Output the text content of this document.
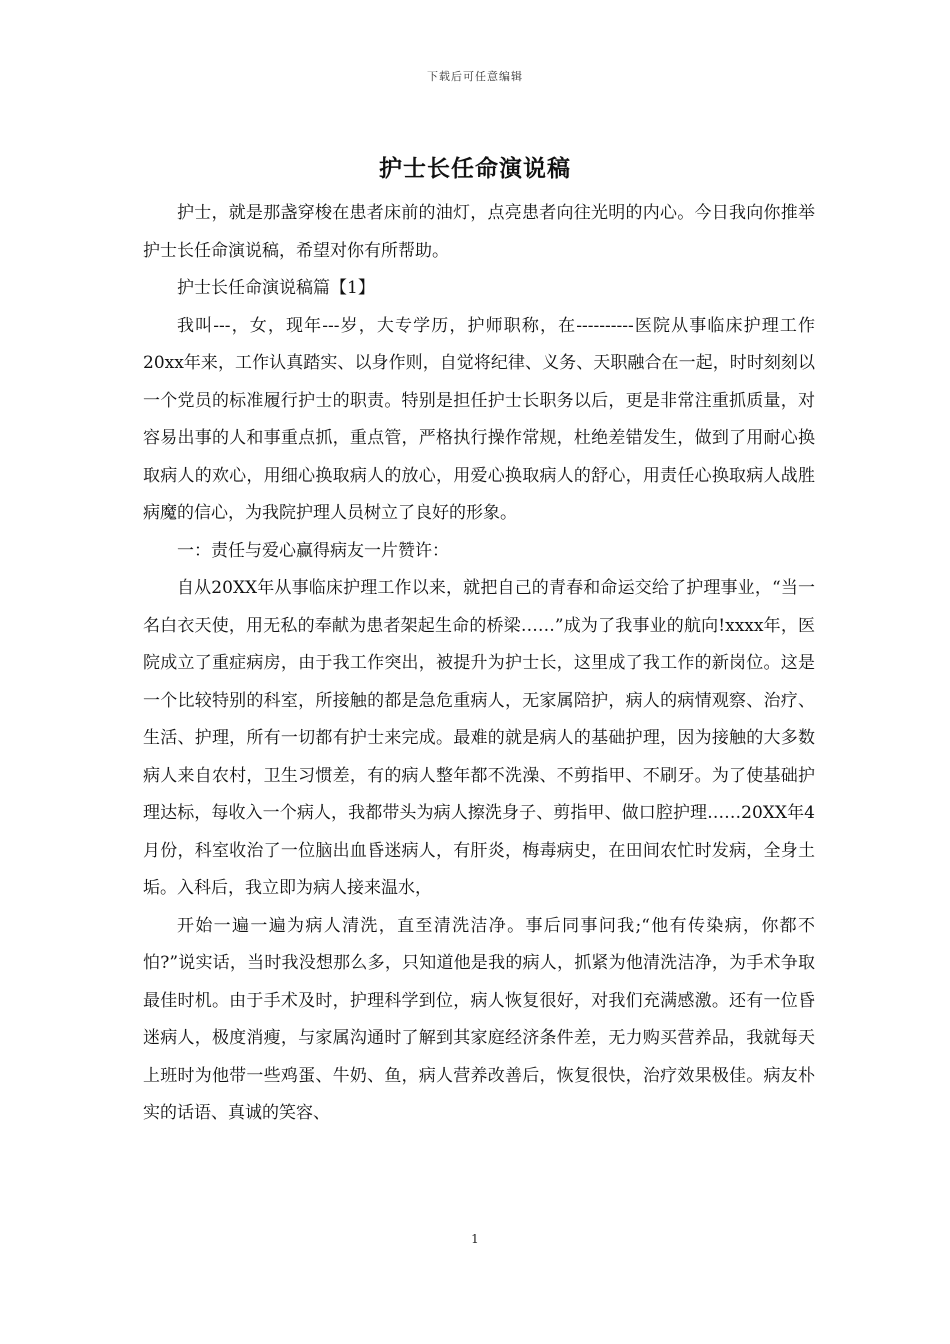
下载后可任意编辑
护士长任命演说稿

护士，就是那盏穿梭在患者床前的油灯，点亮患者向往光明的内心。今日我向你推举护士长任命演说稿，希望对你有所帮助。

护士长任命演说稿篇【1】

我叫---，女，现年---岁，大专学历，护师职称，在----------医院从事临床护理工作20xx年来，工作认真踏实、以身作则，自觉将纪律、义务、天职融合在一起，时时刻刻以一个党员的标准履行护士的职责。特别是担任护士长职务以后，更是非常注重抓质量，对容易出事的人和事重点抓，重点管，严格执行操作常规，杜绝差错发生，做到了用耐心换取病人的欢心，用细心换取病人的放心，用爱心换取病人的舒心，用责任心换取病人战胜病魔的信心，为我院护理人员树立了良好的形象。

一：责任与爱心赢得病友一片赞许：

自从20XX年从事临床护理工作以来，就把自己的青春和命运交给了护理事业，“当一名白衣天使，用无私的奉献为患者架起生命的桥梁……”成为了我事业的航向!xxxx年，医院成立了重症病房，由于我工作突出，被提升为护士长，这里成了我工作的新岗位。这是一个比较特别的科室，所接触的都是急危重病人，无家属陪护，病人的病情观察、治疗、生活、护理，所有一切都有护士来完成。最难的就是病人的基础护理，因为接触的大多数病人来自农村，卫生习惯差，有的病人整年都不洗澡、不剪指甲、不刷牙。为了使基础护理达标，每收入一个病人，我都带头为病人擦洗身子、剪指甲、做口腔护理……20XX年4月份，科室收治了一位脑出血昏迷病人，有肝炎，梅毒病史，在田间农忙时发病，全身土垢。入科后，我立即为病人接来温水，

开始一遍一遍为病人清洗，直至清洗洁净。事后同事问我;“他有传染病，你都不怕?”说实话，当时我没想那么多，只知道他是我的病人，抓紧为他清洗洁净，为手术争取最佳时机。由于手术及时，护理科学到位，病人恢复很好，对我们充满感激。还有一位昏迷病人，极度消瘦，与家属沟通时了解到其家庭经济条件差，无力购买营养品，我就每天上班时为他带一些鸡蛋、牛奶、鱼，病人营养改善后，恢复很快，治疗效果极佳。病友朴实的话语、真诚的笑容、

1
